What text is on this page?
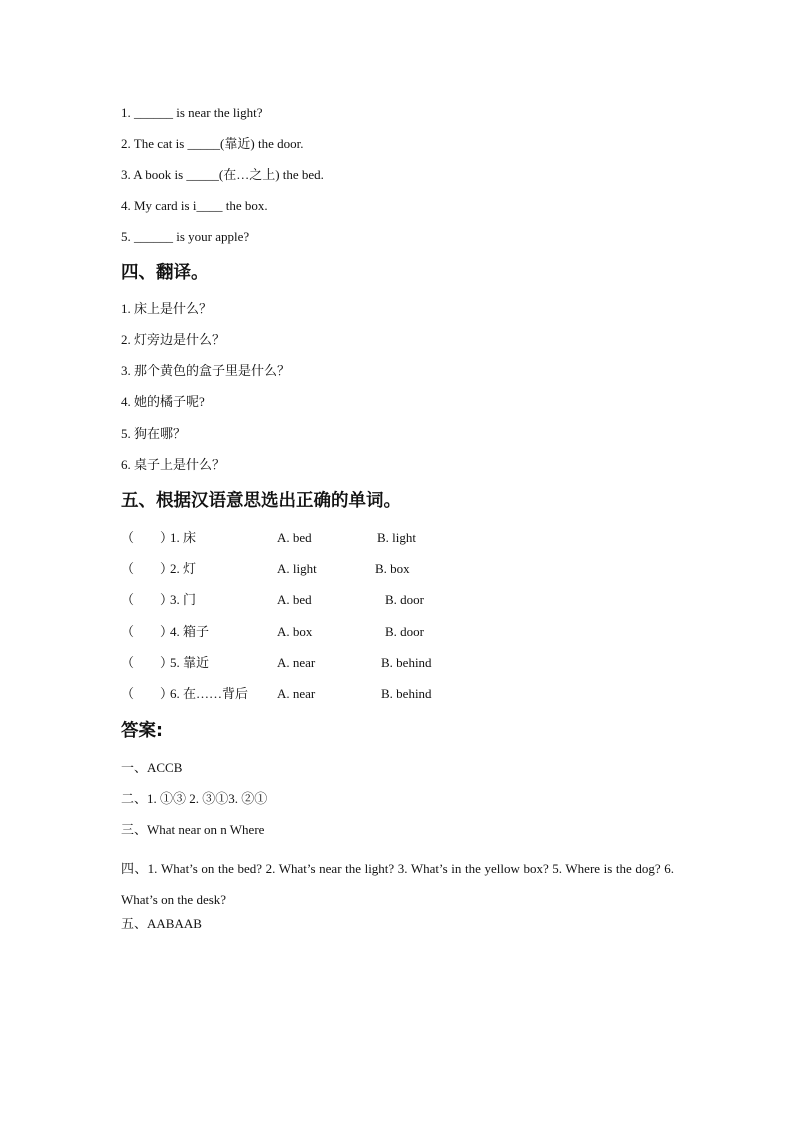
1. ______ is near the light?
2. The cat is _____(靠近) the door.
3. A book is _____(在…之上) the bed.
4. My card is i____ the box.
5. ______ is your apple?
四、翻译。
1. 床上是什么？
2. 灯旁边是什么？
3. 那个黄色的盒子里是什么？
4. 她的橘子呢?
5. 狗在哪？
6. 桌子上是什么？
五、根据汉语意思选出正确的单词。
（　　）
1. 床	A. bed	B. light
（　　）
2. 灯	A. light	B. box
（　　）
3. 门	A. bed	B. door
（　　）
4. 箱子	A. box	B. door
（　　）
5. 靠近	A. near	B. behind
（　　）
6. 在……背后 A. near	B. behind
答案:
一、ACCB
二、1. ①③ 2. ③①3. ②①
三、What near on n Where
四、1. What’s on the bed? 2. What’s near the light? 3. What’s in the yellow box? 5. Where is the dog? 6. What’s on the desk?
五、AABAAB
